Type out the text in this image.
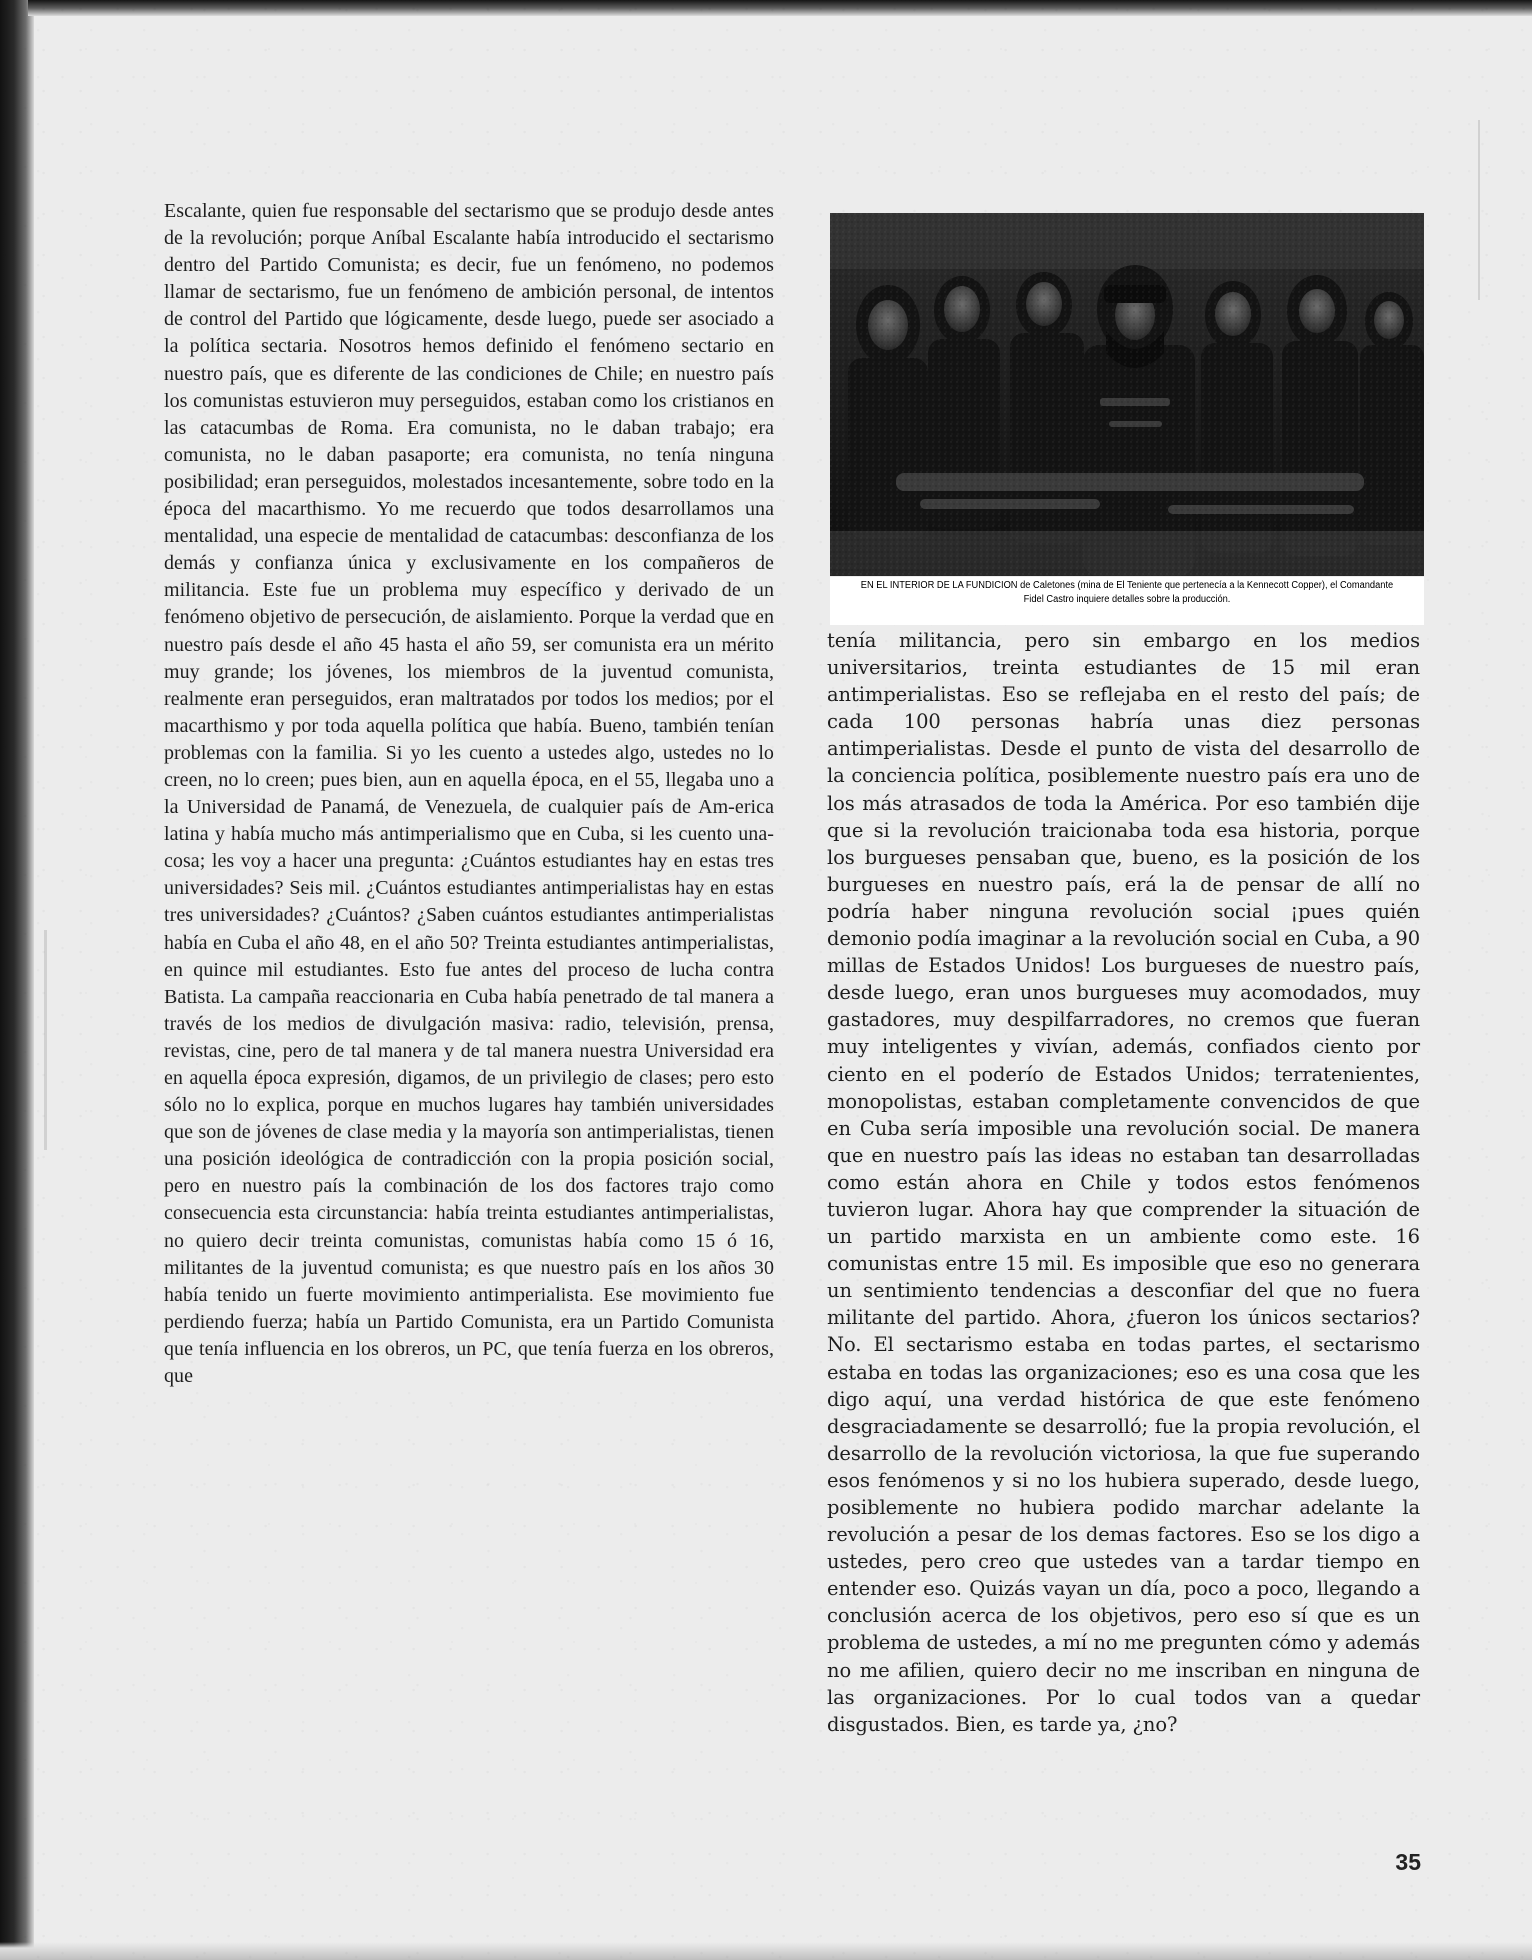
Escalante, quien fue responsable del sectarismo que se produjo desde antes de la revolución; porque Aníbal Escalante había introducido el sectarismo dentro del Partido Comunista; es decir, fue un fenómeno, no podemos llamar de sectarismo, fue un fenómeno de ambición personal, de intentos de control del Partido que lógicamente, desde luego, puede ser asociado a la política sectaria. Nosotros hemos definido el fenómeno sectario en nuestro país, que es diferente de las condiciones de Chile; en nuestro país los comunistas estuvieron muy perseguidos, estaban como los cristianos en las catacumbas de Roma. Era comunista, no le daban trabajo; era comunista, no le daban pasaporte; era comunista, no tenía ninguna posibilidad; eran perseguidos, molestados incesantemente, sobre todo en la época del macarthismo. Yo me recuerdo que todos desarrollamos una mentalidad, una especie de mentalidad de catacumbas: desconfianza de los demás y confianza única y exclusivamente en los compañeros de militancia. Este fue un problema muy específico y derivado de un fenómeno objetivo de persecución, de aislamiento. Porque la verdad que en nuestro país desde el año 45 hasta el año 59, ser comunista era un mérito muy grande; los jóvenes, los miembros de la juventud comunista, realmente eran perseguidos, eran maltratados por todos los medios; por el macarthismo y por toda aquella política que había. Bueno, también tenían problemas con la familia. Si yo les cuento a ustedes algo, ustedes no lo creen, no lo creen; pues bien, aun en aquella época, en el 55, llegaba uno a la Universidad de Panamá, de Venezuela, de cualquier país de Am-erica latina y había mucho más antimperialismo que en Cuba, si les cuento una-cosa; les voy a hacer una pregunta: ¿Cuántos estudiantes hay en estas tres universidades? Seis mil. ¿Cuántos estudiantes antimperialistas hay en estas tres universidades? ¿Cuántos? ¿Saben cuántos estudiantes antimperialistas había en Cuba el año 48, en el año 50? Treinta estudiantes antimperialistas, en quince mil estudiantes. Esto fue antes del proceso de lucha contra Batista. La campaña reaccionaria en Cuba había penetrado de tal manera a través de los medios de divulgación masiva: radio, televisión, prensa, revistas, cine, pero de tal manera y de tal manera nuestra Universidad era en aquella época expresión, digamos, de un privilegio de clases; pero esto sólo no lo explica, porque en muchos lugares hay también universidades que son de jóvenes de clase media y la mayoría son antimperialistas, tienen una posición ideológica de contradicción con la propia posición social, pero en nuestro país la combinación de los dos factores trajo como consecuencia esta circunstancia: había treinta estudiantes antimperialistas, no quiero decir treinta comunistas, comunistas había como 15 ó 16, militantes de la juventud comunista; es que nuestro país en los años 30 había tenido un fuerte movimiento antimperialista. Ese movimiento fue perdiendo fuerza; había un Partido Comunista, era un Partido Comunista que tenía influencia en los obreros, un PC, que tenía fuerza en los obreros, que

EN EL INTERIOR DE LA FUNDICION de Caletones (mina de El Teniente que pertenecía a la Kennecott Copper), el Comandante Fidel Castro inquiere detalles sobre la producción.

tenía militancia, pero sin embargo en los medios universitarios, treinta estudiantes de 15 mil eran antimperialistas. Eso se reflejaba en el resto del país; de cada 100 personas habría unas diez personas antimperialistas. Desde el punto de vista del desarrollo de la conciencia política, posiblemente nuestro país era uno de los más atrasados de toda la América. Por eso también dije que si la revolución traicionaba toda esa historia, porque los burgueses pensaban que, bueno, es la posición de los burgueses en nuestro país, erá la de pensar de allí no podría haber ninguna revolución social ¡pues quién demonio podía imaginar a la revolución social en Cuba, a 90 millas de Estados Unidos! Los burgueses de nuestro país, desde luego, eran unos burgueses muy acomodados, muy gastadores, muy despilfarradores, no cremos que fueran muy inteligentes y vivían, además, confiados ciento por ciento en el poderío de Estados Unidos; terratenientes, monopolistas, estaban completamente convencidos de que en Cuba sería imposible una revolución social. De manera que en nuestro país las ideas no estaban tan desarrolladas como están ahora en Chile y todos estos fenómenos tuvieron lugar. Ahora hay que comprender la situación de un partido marxista en un ambiente como este. 16 comunistas entre 15 mil. Es imposible que eso no generara un sentimiento tendencias a desconfiar del que no fuera militante del partido. Ahora, ¿fueron los únicos sectarios? No. El sectarismo estaba en todas partes, el sectarismo estaba en todas las organizaciones; eso es una cosa que les digo aquí, una verdad histórica de que este fenómeno desgraciadamente se desarrolló; fue la propia revolución, el desarrollo de la revolución victoriosa, la que fue superando esos fenómenos y si no los hubiera superado, desde luego, posiblemente no hubiera podido marchar adelante la revolución a pesar de los demas factores. Eso se los digo a ustedes, pero creo que ustedes van a tardar tiempo en entender eso. Quizás vayan un día, poco a poco, llegando a conclusión acerca de los objetivos, pero eso sí que es un problema de ustedes, a mí no me pregunten cómo y además no me afilien, quiero decir no me inscriban en ninguna de las organizaciones. Por lo cual todos van a quedar disgustados. Bien, es tarde ya, ¿no?

35
